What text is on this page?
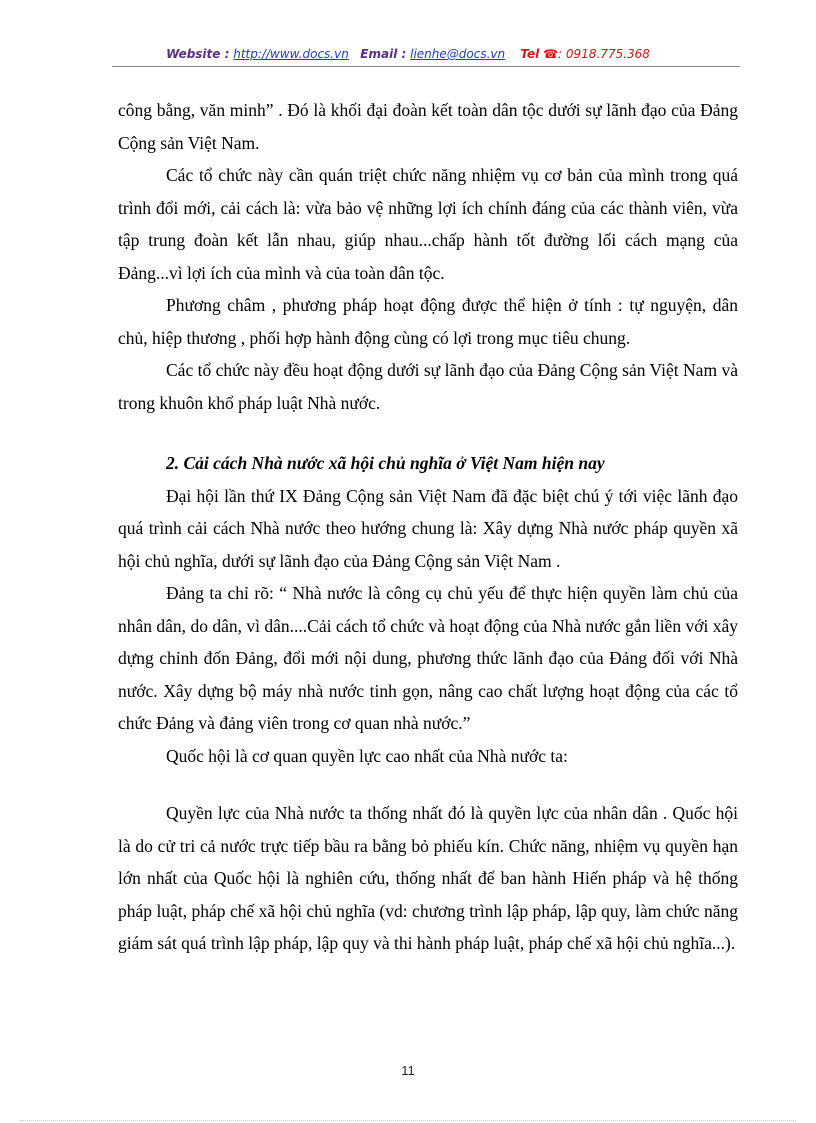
Website : http://www.docs.vn Email : lienhe@docs.vn Tel ☎: 0918.775.368

công bằng, văn minh” . Đó là khối đại đoàn kết toàn dân tộc dưới sự lãnh đạo của Đảng Cộng sản Việt Nam.

Các tổ chức này cần quán triệt chức năng nhiệm vụ cơ bản của mình trong quá trình đổi mới, cải cách là: vừa bảo vệ những lợi ích chính đáng của các thành viên, vừa tập trung đoàn kết lẫn nhau, giúp nhau...chấp hành tốt đường lối cách mạng của Đảng...vì lợi ích của mình và của toàn dân tộc.

Phương châm , phương pháp hoạt động được thể hiện ở tính : tự nguyện, dân chủ, hiệp thương , phối hợp hành động cùng có lợi trong mục tiêu chung.

Các tổ chức này đều hoạt động dưới sự lãnh đạo của Đảng Cộng sản Việt Nam và trong khuôn khổ pháp luật Nhà nước.

2. Cải cách Nhà nước xã hội chủ nghĩa ở Việt Nam hiện nay

Đại hội lần thứ IX Đảng Cộng sản Việt Nam đã đặc biệt chú ý tới việc lãnh đạo quá trình cải cách Nhà nước theo hướng chung là: Xây dựng Nhà nước pháp quyền xã hội chủ nghĩa, dưới sự lãnh đạo của Đảng Cộng sản Việt Nam .

Đảng ta chỉ rõ: “ Nhà nước là công cụ chủ yếu để thực hiện quyền làm chủ của nhân dân, do dân, vì dân....Cải cách tổ chức và hoạt động của Nhà nước gắn liền với xây dựng chỉnh đốn Đảng, đổi mới nội dung, phương thức lãnh đạo của Đảng đối với Nhà nước. Xây dựng bộ máy nhà nước tinh gọn, nâng cao chất lượng hoạt động của các tổ chức Đảng và đảng viên trong cơ quan nhà nước.”

Quốc hội là cơ quan quyền lực cao nhất của Nhà nước ta:

Quyền lực của Nhà nước ta thống nhất đó là quyền lực của nhân dân . Quốc hội là do cử tri cả nước trực tiếp bầu ra bằng bỏ phiếu kín. Chức năng, nhiệm vụ quyền hạn lớn nhất của Quốc hội là nghiên cứu, thống nhất để ban hành Hiến pháp và hệ thống pháp luật, pháp chế xã hội chủ nghĩa (vd: chương trình lập pháp, lập quy, làm chức năng giám sát quá trình lập pháp, lập quy và thi hành pháp luật, pháp chế xã hội chủ nghĩa...).

11
